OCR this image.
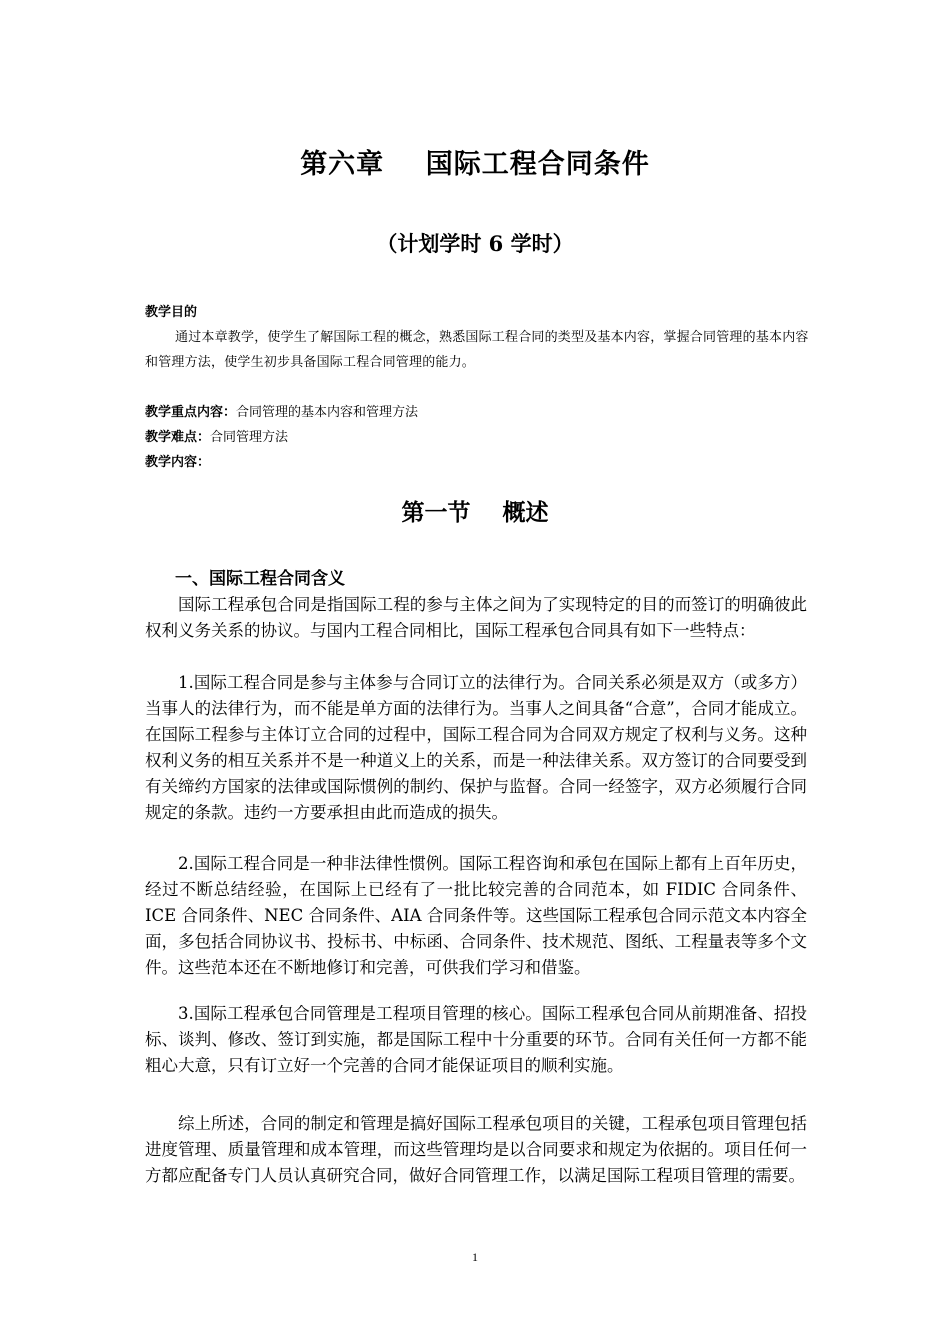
第六章    国际工程合同条件
（计划学时 6 学时）
教学目的
通过本章教学，使学生了解国际工程的概念，熟悉国际工程合同的类型及基本内容，掌握合同管理的基本内容和管理方法，使学生初步具备国际工程合同管理的能力。
教学重点内容：合同管理的基本内容和管理方法
教学难点：合同管理方法
教学内容：
第一节    概述
一、国际工程合同含义

国际工程承包合同是指国际工程的参与主体之间为了实现特定的目的而签订的明确彼此权利义务关系的协议。与国内工程合同相比，国际工程承包合同具有如下一些特点：

1.国际工程合同是参与主体参与合同订立的法律行为。合同关系必须是双方（或多方）当事人的法律行为，而不能是单方面的法律行为。当事人之间具备“合意”，合同才能成立。在国际工程参与主体订立合同的过程中，国际工程合同为合同双方规定了权利与义务。这种权利义务的相互关系并不是一种道义上的关系，而是一种法律关系。双方签订的合同要受到有关缔约方国家的法律或国际惯例的制约、保护与监督。合同一经签字，双方必须履行合同规定的条款。违约一方要承担由此而造成的损失。

2.国际工程合同是一种非法律性惯例。国际工程咨询和承包在国际上都有上百年历史，经过不断总结经验，在国际上已经有了一批比较完善的合同范本，如 FIDIC 合同条件、ICE 合同条件、NEC 合同条件、AIA 合同条件等。这些国际工程承包合同示范文本内容全面，多包括合同协议书、投标书、中标函、合同条件、技术规范、图纸、工程量表等多个文件。这些范本还在不断地修订和完善，可供我们学习和借鉴。

3.国际工程承包合同管理是工程项目管理的核心。国际工程承包合同从前期准备、招投标、谈判、修改、签订到实施，都是国际工程中十分重要的环节。合同有关任何一方都不能粗心大意，只有订立好一个完善的合同才能保证项目的顺利实施。

综上所述，合同的制定和管理是搞好国际工程承包项目的关键，工程承包项目管理包括进度管理、质量管理和成本管理，而这些管理均是以合同要求和规定为依据的。项目任何一方都应配备专门人员认真研究合同，做好合同管理工作，以满足国际工程项目管理的需要。

1
